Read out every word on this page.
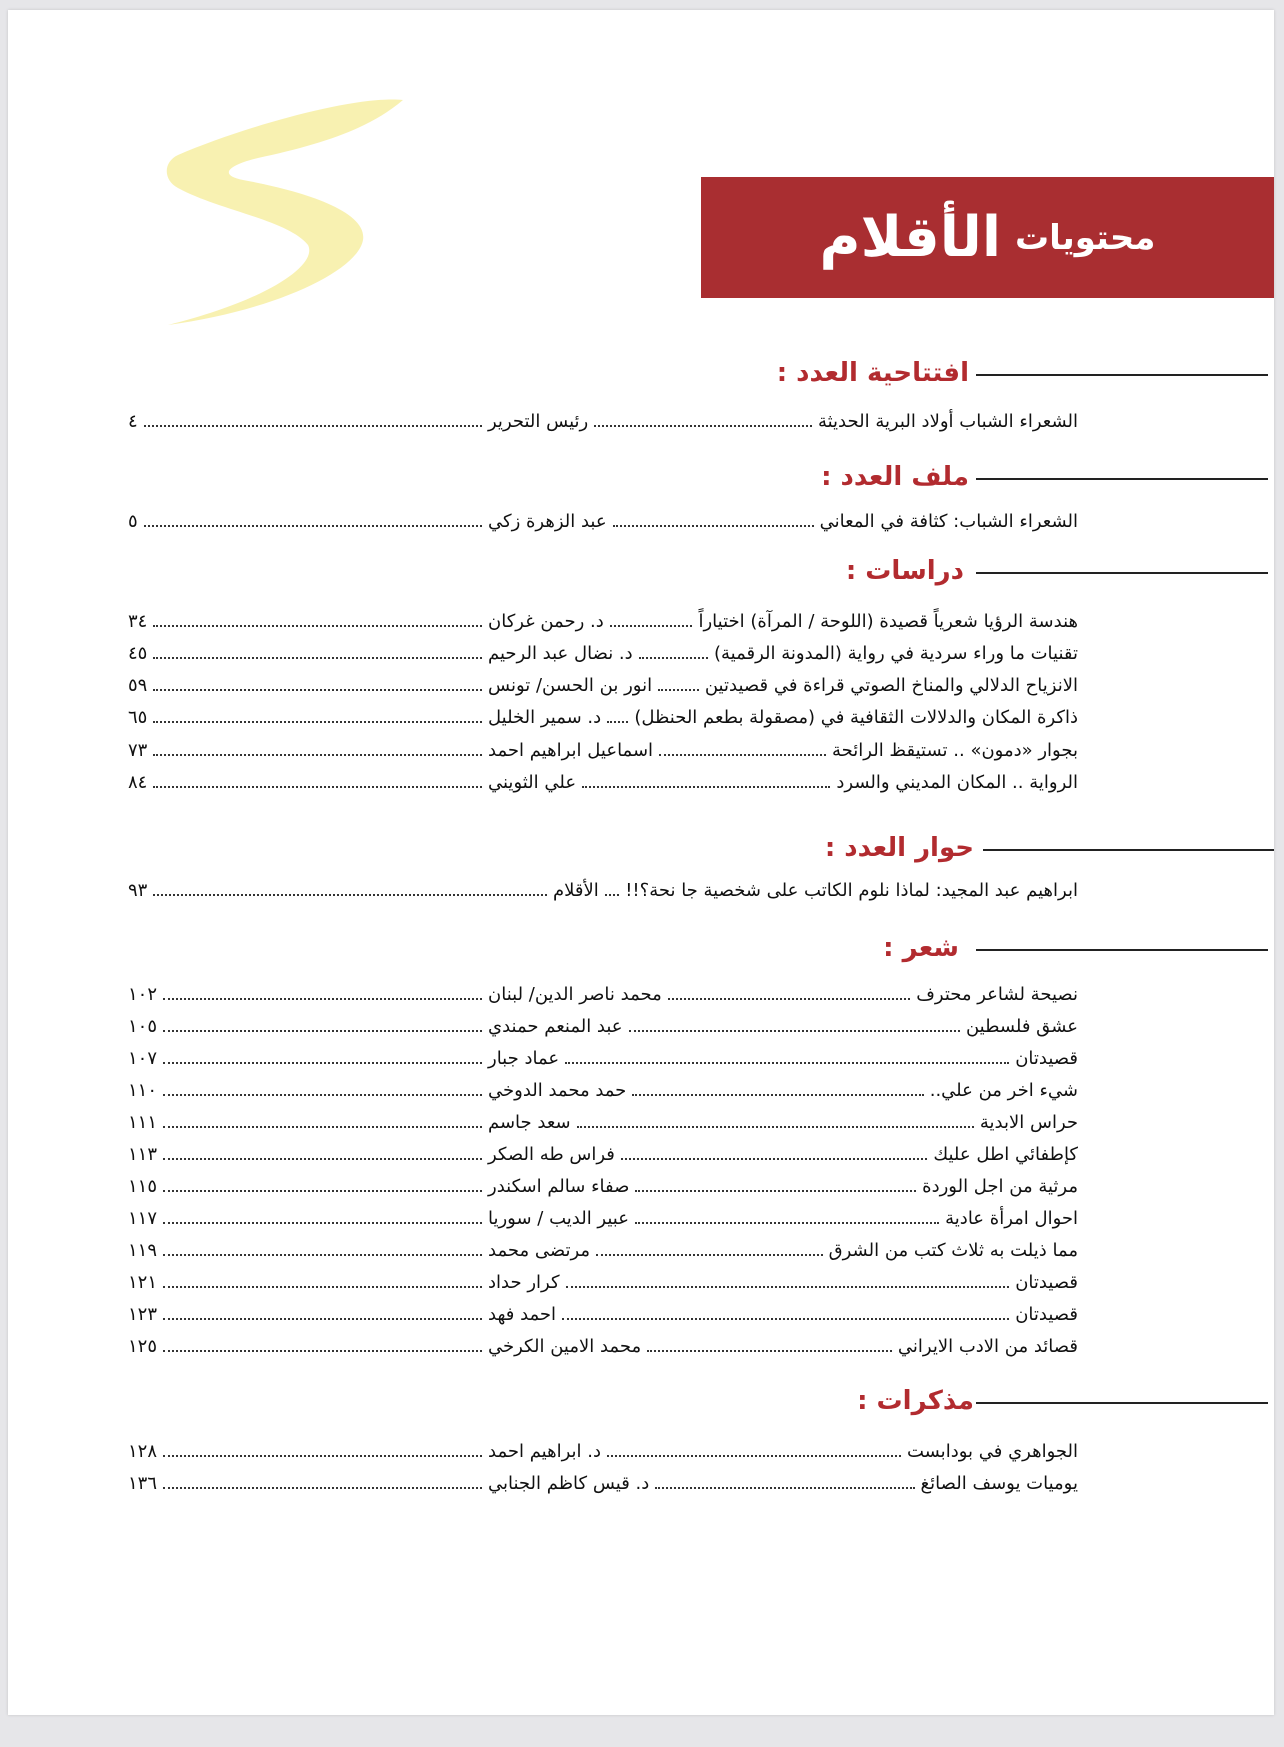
محتويات
الأقلام
افتتاحية العدد :
الشعراء الشباب أولاد البرية الحديثة
رئيس التحرير
٤
ملف العدد :
الشعراء الشباب: كثافة في المعاني
عبد الزهرة زكي
٥
دراسات :
هندسة الرؤيا شعرياً قصيدة (اللوحة / المرآة) اختياراً
د. رحمن غركان
٣٤
تقنيات ما وراء سردية في رواية (المدونة الرقمية)
د. نضال عبد الرحيم
٤٥
الانزياح الدلالي والمناخ الصوتي قراءة في قصيدتين
انور بن الحسن/ تونس
٥٩
ذاكرة المكان والدلالات الثقافية في (مصقولة بطعم الحنظل)
د. سمير الخليل
٦٥
بجوار «دمون» .. تستيقظ الرائحة
اسماعيل ابراهيم احمد
٧٣
الرواية .. المكان المديني والسرد
علي الثويني
٨٤
حوار العدد :
ابراهيم عبد المجيد: لماذا نلوم الكاتب على شخصية جا نحة؟!!
الأقلام
٩٣
شعر :
نصيحة لشاعر محترف
محمد ناصر الدين/ لبنان
١٠٢
عشق فلسطين
عبد المنعم حمندي
١٠٥
قصيدتان
عماد جبار
١٠٧
شيء اخر من علي..
حمد محمد الدوخي
١١٠
حراس الابدية
سعد جاسم
١١١
كإطفائي اطل عليك
فراس طه الصكر
١١٣
مرثية من اجل الوردة
صفاء سالم اسكندر
١١٥
احوال امرأة عادية
عبير الديب / سوريا
١١٧
مما ذيلت به ثلاث كتب من الشرق
مرتضى محمد
١١٩
قصيدتان
كرار حداد
١٢١
قصيدتان
احمد فهد
١٢٣
قصائد من الادب الايراني
محمد الامين الكرخي
١٢٥
مذكرات :
الجواهري في بودابست
د. ابراهيم احمد
١٢٨
يوميات يوسف الصائغ
د. قيس كاظم الجنابي
١٣٦
